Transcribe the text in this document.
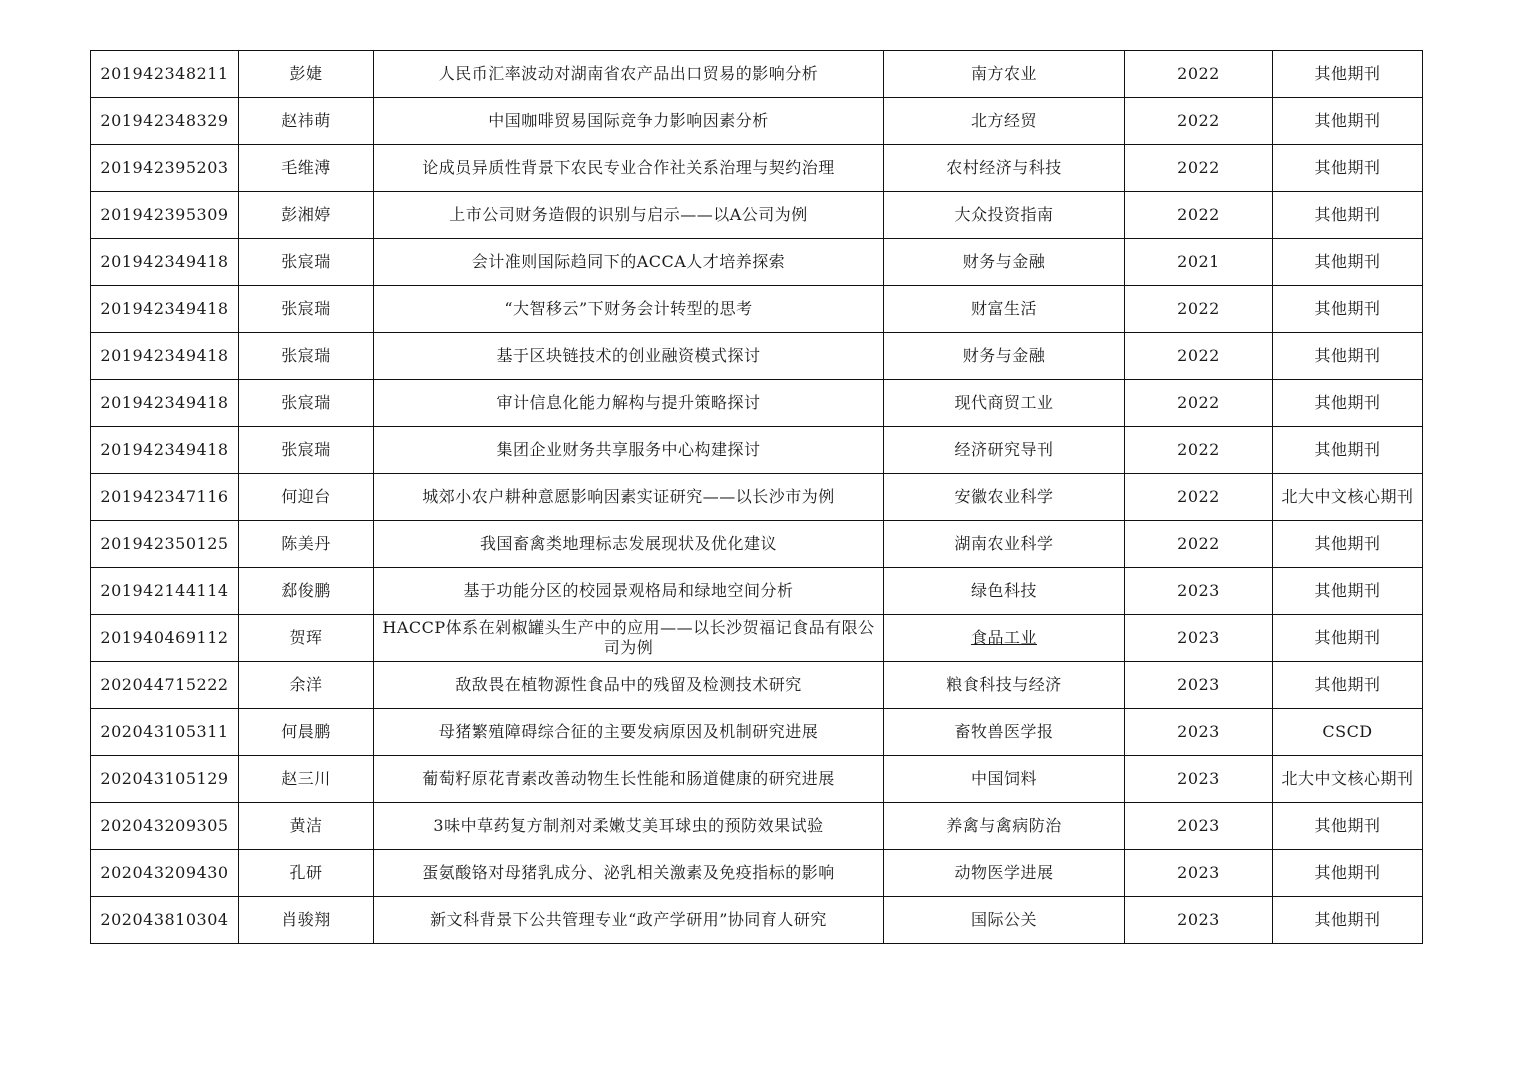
201942348211	彭婕	人民币汇率波动对湖南省农产品出口贸易的影响分析	南方农业	2022	其他期刊
201942348329	赵祎萌	中国咖啡贸易国际竞争力影响因素分析	北方经贸	2022	其他期刊
201942395203	毛维溥	论成员异质性背景下农民专业合作社关系治理与契约治理	农村经济与科技	2022	其他期刊
201942395309	彭湘婷	上市公司财务造假的识别与启示——以A公司为例	大众投资指南	2022	其他期刊
201942349418	张宸瑞	会计准则国际趋同下的ACCA人才培养探索	财务与金融	2021	其他期刊
201942349418	张宸瑞	“大智移云”下财务会计转型的思考	财富生活	2022	其他期刊
201942349418	张宸瑞	基于区块链技术的创业融资模式探讨	财务与金融	2022	其他期刊
201942349418	张宸瑞	审计信息化能力解构与提升策略探讨	现代商贸工业	2022	其他期刊
201942349418	张宸瑞	集团企业财务共享服务中心构建探讨	经济研究导刊	2022	其他期刊
201942347116	何迎台	城郊小农户耕种意愿影响因素实证研究——以长沙市为例	安徽农业科学	2022	北大中文核心期刊
201942350125	陈美丹	我国畜禽类地理标志发展现状及优化建议	湖南农业科学	2022	其他期刊
201942144114	郄俊鹏	基于功能分区的校园景观格局和绿地空间分析	绿色科技	2023	其他期刊
201940469112	贺珲	HACCP体系在剁椒罐头生产中的应用——以长沙贺福记食品有限公司为例	食品工业	2023	其他期刊
202044715222	余洋	敌敌畏在植物源性食品中的残留及检测技术研究	粮食科技与经济	2023	其他期刊
202043105311	何晨鹏	母猪繁殖障碍综合征的主要发病原因及机制研究进展	畜牧兽医学报	2023	CSCD
202043105129	赵三川	葡萄籽原花青素改善动物生长性能和肠道健康的研究进展	中国饲料	2023	北大中文核心期刊
202043209305	黄洁	3味中草药复方制剂对柔嫩艾美耳球虫的预防效果试验	养禽与禽病防治	2023	其他期刊
202043209430	孔研	蛋氨酸铬对母猪乳成分、泌乳相关激素及免疫指标的影响	动物医学进展	2023	其他期刊
202043810304	肖骏翔	新文科背景下公共管理专业“政产学研用”协同育人研究	国际公关	2023	其他期刊
